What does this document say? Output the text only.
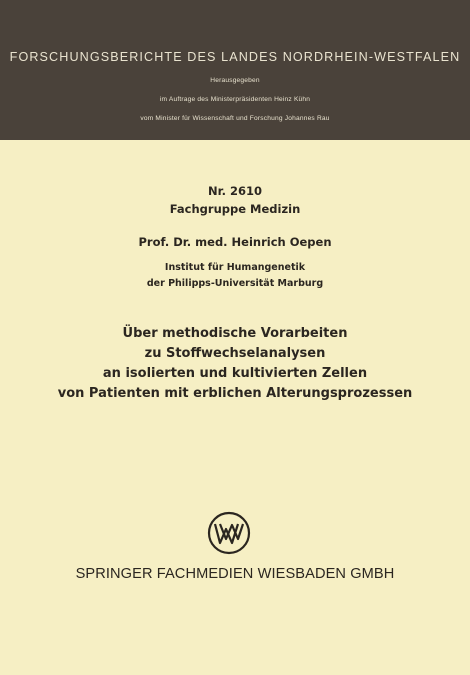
FORSCHUNGSBERICHTE DES LANDES NORDRHEIN-WESTFALEN
Herausgegeben
im Auftrage des Ministerpräsidenten Heinz Kühn
vom Minister für Wissenschaft und Forschung Johannes Rau
Nr. 2610
Fachgruppe Medizin
Prof. Dr. med. Heinrich Oepen
Institut für Humangenetik
der Philipps-Universität Marburg
Über methodische Vorarbeiten
zu Stoffwechselanalysen
an isolierten und kultivierten Zellen
von Patienten mit erblichen Alterungsprozessen
SPRINGER FACHMEDIEN WIESBADEN GMBH
